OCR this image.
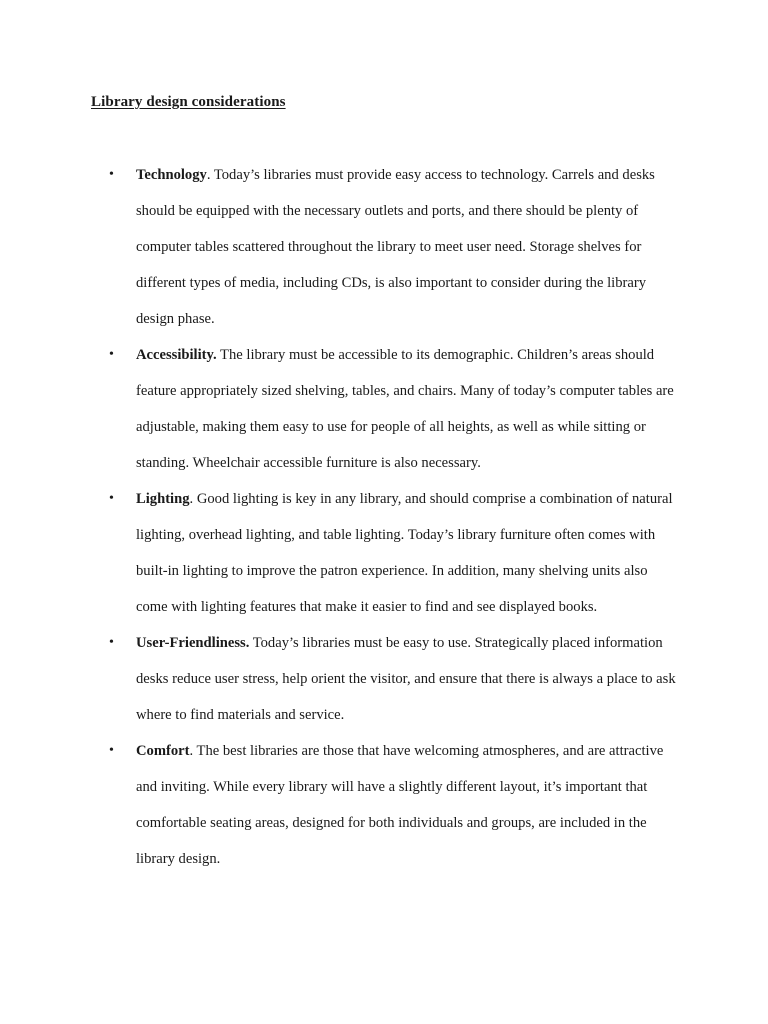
Library design considerations
• Technology. Today’s libraries must provide easy access to technology. Carrels and desks should be equipped with the necessary outlets and ports, and there should be plenty of computer tables scattered throughout the library to meet user need. Storage shelves for different types of media, including CDs, is also important to consider during the library design phase.
• Accessibility. The library must be accessible to its demographic. Children’s areas should feature appropriately sized shelving, tables, and chairs. Many of today’s computer tables are adjustable, making them easy to use for people of all heights, as well as while sitting or standing. Wheelchair accessible furniture is also necessary.
• Lighting. Good lighting is key in any library, and should comprise a combination of natural lighting, overhead lighting, and table lighting. Today’s library furniture often comes with built-in lighting to improve the patron experience. In addition, many shelving units also come with lighting features that make it easier to find and see displayed books.
• User-Friendliness. Today’s libraries must be easy to use. Strategically placed information desks reduce user stress, help orient the visitor, and ensure that there is always a place to ask where to find materials and service.
• Comfort. The best libraries are those that have welcoming atmospheres, and are attractive and inviting. While every library will have a slightly different layout, it’s important that comfortable seating areas, designed for both individuals and groups, are included in the library design.
